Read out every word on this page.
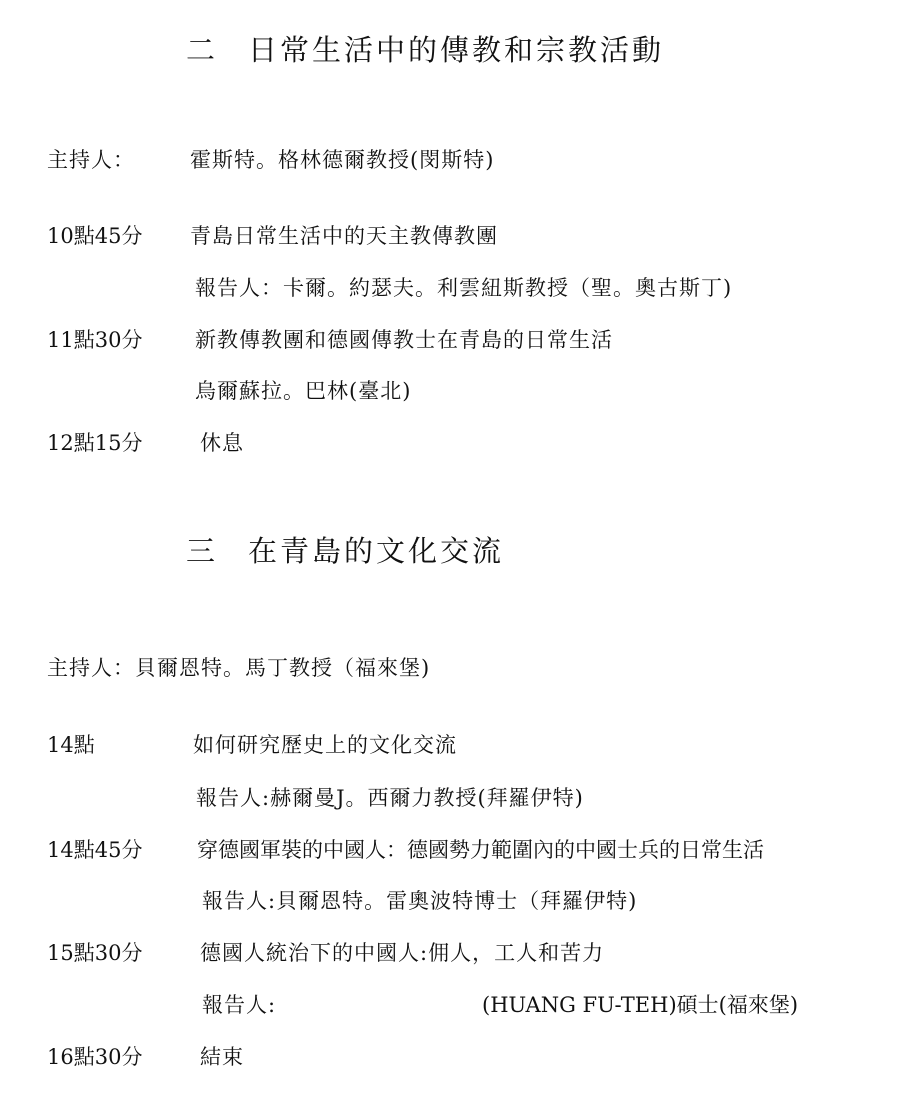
二 日常生活中的傳教和宗教活動
主持人：	霍斯特。格林德爾教授(閔斯特)
10點45分 青島日常生活中的天主教傳教團
報告人：卡爾。約瑟夫。利雲紐斯教授（聖。奧古斯丁)
11點30分	新教傳教團和德國傳教士在青島的日常生活
烏爾蘇拉。巴林(臺北)
12點15分	休息
三 在青島的文化交流
主持人：貝爾恩特。馬丁教授（福來堡)
14點	如何研究歷史上的文化交流
報告人:赫爾曼J。西爾力教授(拜羅伊特)
14點45分	穿德國軍裝的中國人：德國勢力範圍內的中國士兵的日常生活
報告人:貝爾恩特。雷奧波特博士（拜羅伊特)
15點30分	德國人統治下的中國人:佣人，工人和苦力
報告人:	(HUANG FU-TEH)碩士(福來堡)
16點30分	結束
